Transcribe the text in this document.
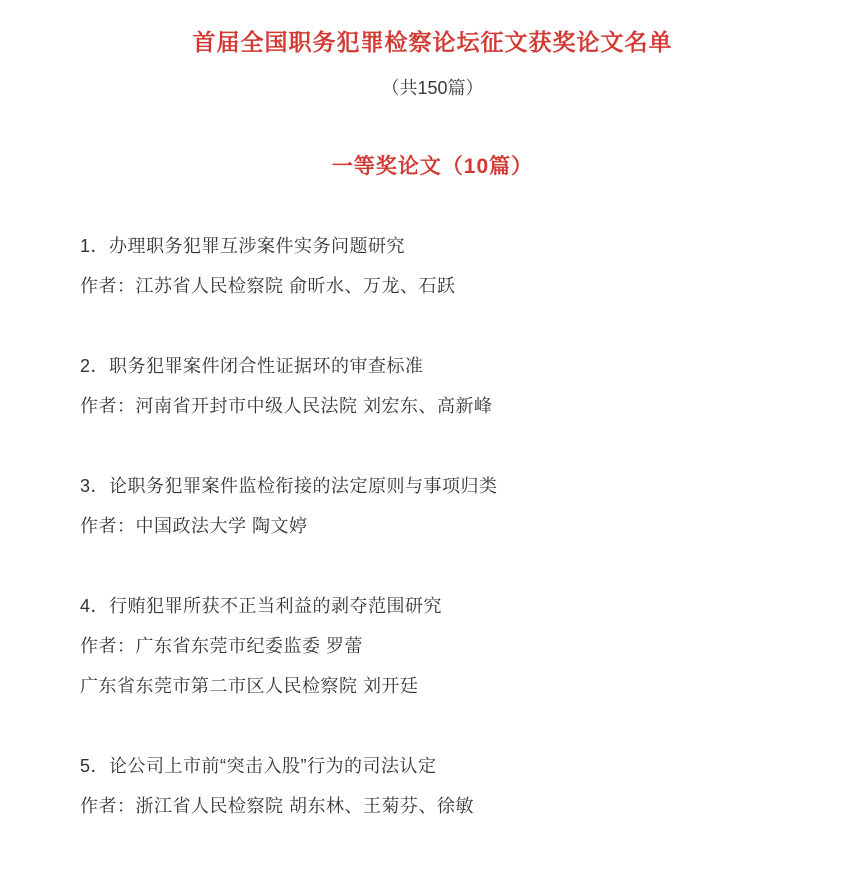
首届全国职务犯罪检察论坛征文获奖论文名单

（共150篇）

一等奖论文（10篇）

1．办理职务犯罪互涉案件实务问题研究

作者：江苏省人民检察院 俞昕水、万龙、石跃

2．职务犯罪案件闭合性证据环的审查标准

作者：河南省开封市中级人民法院 刘宏东、高新峰

3．论职务犯罪案件监检衔接的法定原则与事项归类

作者：中国政法大学 陶文婷

4．行贿犯罪所获不正当利益的剥夺范围研究

作者：广东省东莞市纪委监委 罗蕾

广东省东莞市第二市区人民检察院 刘开廷

5．论公司上市前“突击入股”行为的司法认定

作者：浙江省人民检察院 胡东林、王菊芬、徐敏
